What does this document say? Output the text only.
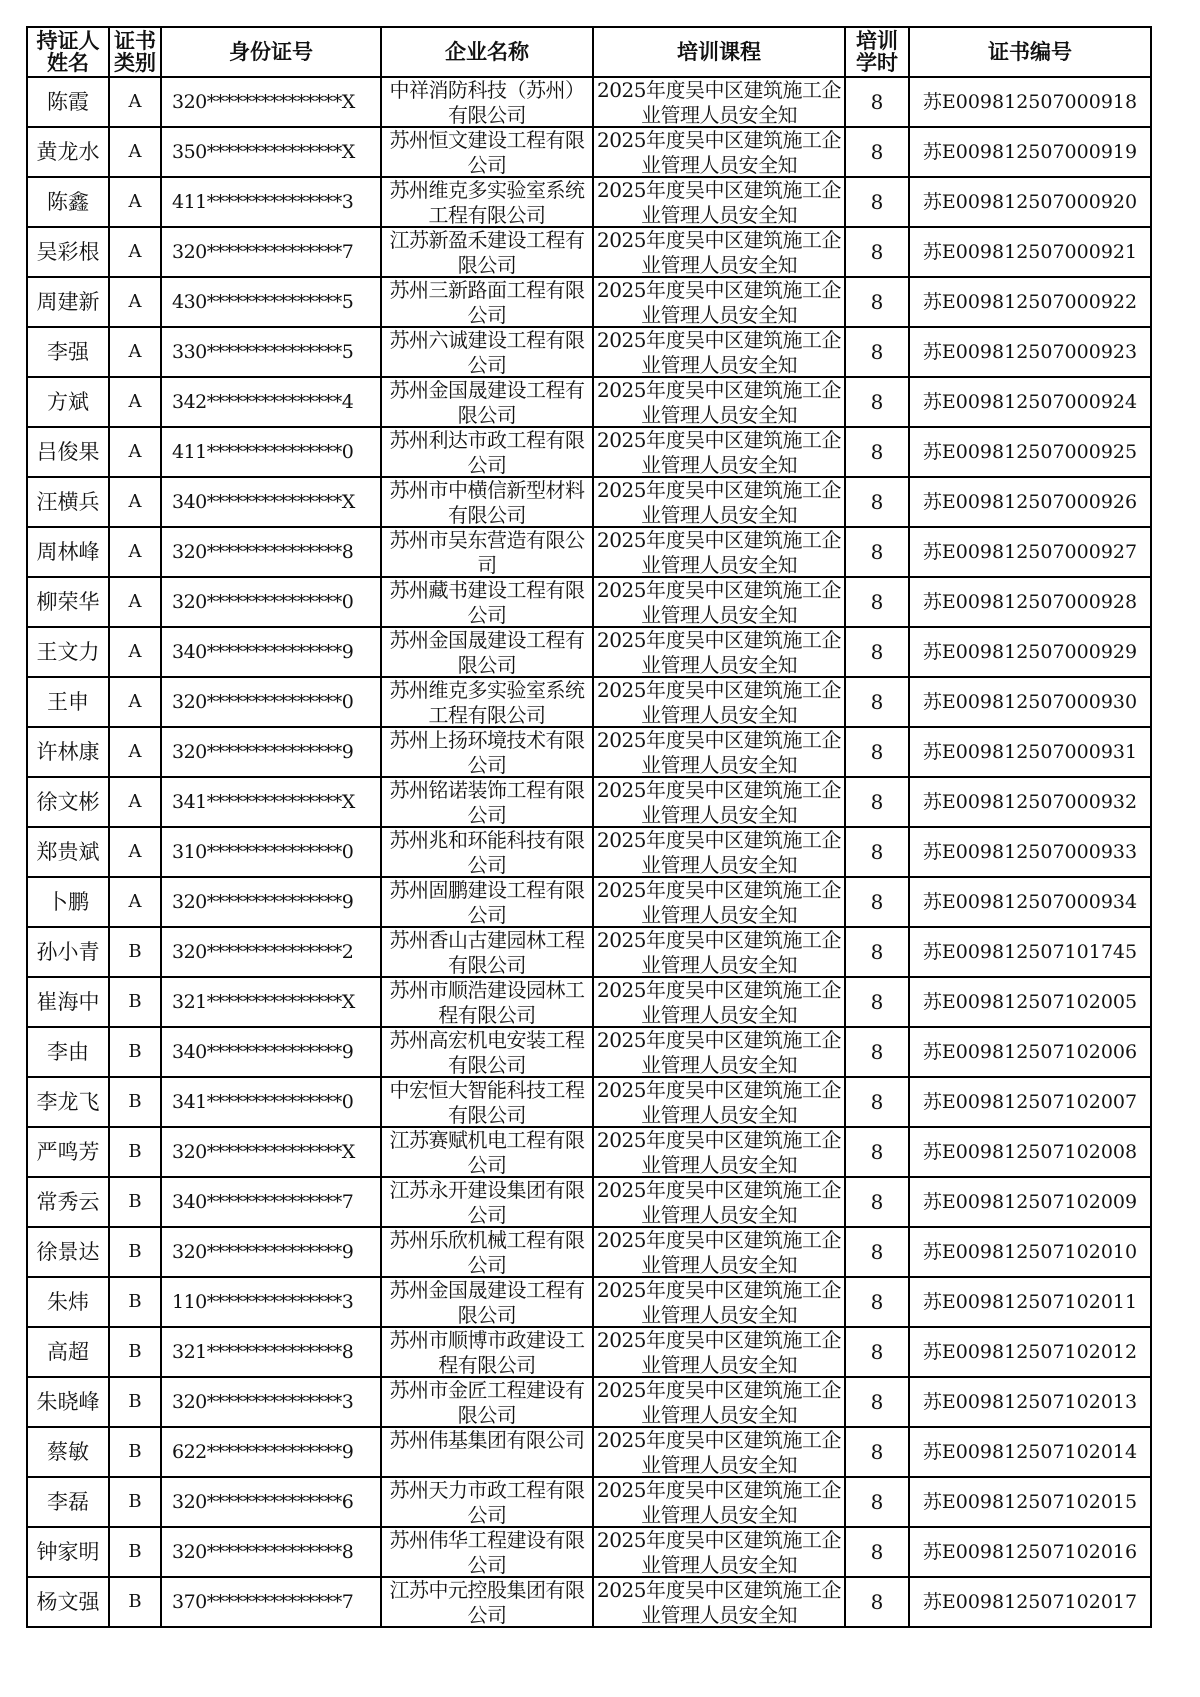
持证人姓名	证书类别	身份证号	企业名称	培训课程	培训学时	证书编号
陈霞	A	320***************X	中祥消防科技（苏州）有限公司	2025年度吴中区建筑施工企业管理人员安全知	8	苏E009812507000918
黄龙水	A	350***************X	苏州恒文建设工程有限公司	2025年度吴中区建筑施工企业管理人员安全知	8	苏E009812507000919
陈鑫	A	411***************3	苏州维克多实验室系统工程有限公司	2025年度吴中区建筑施工企业管理人员安全知	8	苏E009812507000920
吴彩根	A	320***************7	江苏新盈禾建设工程有限公司	2025年度吴中区建筑施工企业管理人员安全知	8	苏E009812507000921
周建新	A	430***************5	苏州三新路面工程有限公司	2025年度吴中区建筑施工企业管理人员安全知	8	苏E009812507000922
李强	A	330***************5	苏州六诚建设工程有限公司	2025年度吴中区建筑施工企业管理人员安全知	8	苏E009812507000923
方斌	A	342***************4	苏州金国晟建设工程有限公司	2025年度吴中区建筑施工企业管理人员安全知	8	苏E009812507000924
吕俊果	A	411***************0	苏州利达市政工程有限公司	2025年度吴中区建筑施工企业管理人员安全知	8	苏E009812507000925
汪横兵	A	340***************X	苏州市中横信新型材料有限公司	2025年度吴中区建筑施工企业管理人员安全知	8	苏E009812507000926
周林峰	A	320***************8	苏州市吴东营造有限公司	2025年度吴中区建筑施工企业管理人员安全知	8	苏E009812507000927
柳荣华	A	320***************0	苏州藏书建设工程有限公司	2025年度吴中区建筑施工企业管理人员安全知	8	苏E009812507000928
王文力	A	340***************9	苏州金国晟建设工程有限公司	2025年度吴中区建筑施工企业管理人员安全知	8	苏E009812507000929
王申	A	320***************0	苏州维克多实验室系统工程有限公司	2025年度吴中区建筑施工企业管理人员安全知	8	苏E009812507000930
许林康	A	320***************9	苏州上扬环境技术有限公司	2025年度吴中区建筑施工企业管理人员安全知	8	苏E009812507000931
徐文彬	A	341***************X	苏州铭诺装饰工程有限公司	2025年度吴中区建筑施工企业管理人员安全知	8	苏E009812507000932
郑贵斌	A	310***************0	苏州兆和环能科技有限公司	2025年度吴中区建筑施工企业管理人员安全知	8	苏E009812507000933
卜鹏	A	320***************9	苏州固鹏建设工程有限公司	2025年度吴中区建筑施工企业管理人员安全知	8	苏E009812507000934
孙小青	B	320***************2	苏州香山古建园林工程有限公司	2025年度吴中区建筑施工企业管理人员安全知	8	苏E009812507101745
崔海中	B	321***************X	苏州市顺浩建设园林工程有限公司	2025年度吴中区建筑施工企业管理人员安全知	8	苏E009812507102005
李由	B	340***************9	苏州高宏机电安装工程有限公司	2025年度吴中区建筑施工企业管理人员安全知	8	苏E009812507102006
李龙飞	B	341***************0	中宏恒大智能科技工程有限公司	2025年度吴中区建筑施工企业管理人员安全知	8	苏E009812507102007
严鸣芳	B	320***************X	江苏赛赋机电工程有限公司	2025年度吴中区建筑施工企业管理人员安全知	8	苏E009812507102008
常秀云	B	340***************7	江苏永开建设集团有限公司	2025年度吴中区建筑施工企业管理人员安全知	8	苏E009812507102009
徐景达	B	320***************9	苏州乐欣机械工程有限公司	2025年度吴中区建筑施工企业管理人员安全知	8	苏E009812507102010
朱炜	B	110***************3	苏州金国晟建设工程有限公司	2025年度吴中区建筑施工企业管理人员安全知	8	苏E009812507102011
高超	B	321***************8	苏州市顺博市政建设工程有限公司	2025年度吴中区建筑施工企业管理人员安全知	8	苏E009812507102012
朱晓峰	B	320***************3	苏州市金匠工程建设有限公司	2025年度吴中区建筑施工企业管理人员安全知	8	苏E009812507102013
蔡敏	B	622***************9	苏州伟基集团有限公司	2025年度吴中区建筑施工企业管理人员安全知	8	苏E009812507102014
李磊	B	320***************6	苏州天力市政工程有限公司	2025年度吴中区建筑施工企业管理人员安全知	8	苏E009812507102015
钟家明	B	320***************8	苏州伟华工程建设有限公司	2025年度吴中区建筑施工企业管理人员安全知	8	苏E009812507102016
杨文强	B	370***************7	江苏中元控股集团有限公司	2025年度吴中区建筑施工企业管理人员安全知	8	苏E009812507102017
